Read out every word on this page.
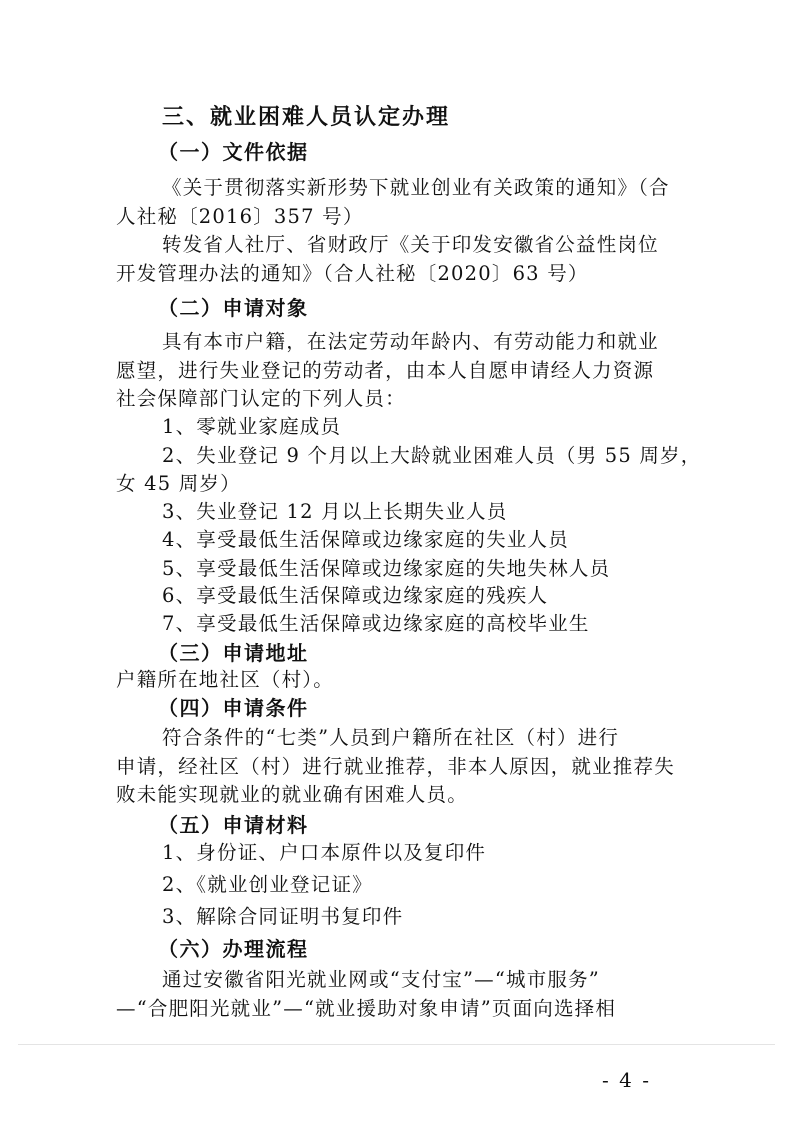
三、就业困难人员认定办理

（一）文件依据

《关于贯彻落实新形势下就业创业有关政策的通知》（合

人社秘〔2016〕357 号）

转发省人社厅、省财政厅《关于印发安徽省公益性岗位

开发管理办法的通知》（合人社秘〔2020〕63 号）

（二）申请对象

具有本市户籍，在法定劳动年龄内、有劳动能力和就业

愿望，进行失业登记的劳动者，由本人自愿申请经人力资源

社会保障部门认定的下列人员：

1、零就业家庭成员

2、失业登记 9 个月以上大龄就业困难人员（男 55 周岁，

女 45 周岁）

3、失业登记 12 月以上长期失业人员

4、享受最低生活保障或边缘家庭的失业人员

5、享受最低生活保障或边缘家庭的失地失林人员

6、享受最低生活保障或边缘家庭的残疾人

7、享受最低生活保障或边缘家庭的高校毕业生

（三）申请地址

户籍所在地社区（村）。

（四）申请条件

符合条件的“七类”人员到户籍所在社区（村）进行

申请，经社区（村）进行就业推荐，非本人原因，就业推荐失

败未能实现就业的就业确有困难人员。

（五）申请材料

1、身份证、户口本原件以及复印件

2、《就业创业登记证》

3、解除合同证明书复印件

（六）办理流程

通过安徽省阳光就业网或“支付宝”—“城市服务”

—“合肥阳光就业”—“就业援助对象申请”页面向选择相

- 4 -
